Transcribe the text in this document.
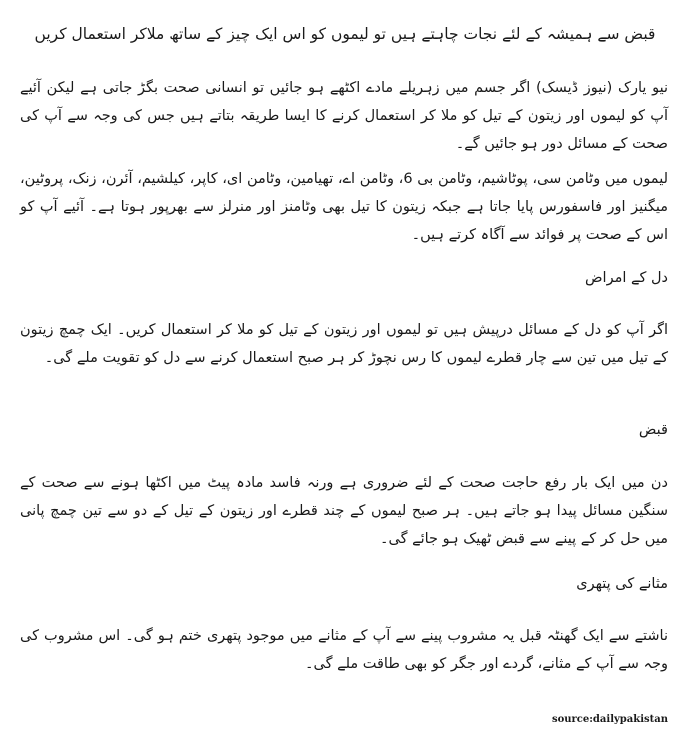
قبض سے ہمیشہ کے لئے نجات چاہتے ہیں تو لیموں کو اس ایک چیز کے ساتھ ملاکر استعمال کریں

نیو یارک (نیوز ڈیسک) اگر جسم میں زہریلے مادے اکٹھے ہو جائیں تو انسانی صحت بگڑ جاتی ہے لیکن آئیے آپ کو لیموں اور زیتون کے تیل کو ملا کر استعمال کرنے کا ایسا طریقہ بتاتے ہیں جس کی وجہ سے آپ کی صحت کے مسائل دور ہو جائیں گے۔

لیموں میں وٹامن سی، پوٹاشیم، وٹامن بی 6، وٹامن اے، تھیامین، وٹامن ای، کاپر، کیلشیم، آئرن، زنک، پروٹین، میگنیز اور فاسفورس پایا جاتا ہے جبکہ زیتون کا تیل بھی وٹامنز اور منرلز سے بھرپور ہوتا ہے۔ آئیے آپ کو اس کے صحت پر فوائد سے آگاہ کرتے ہیں۔

دل کے امراض

اگر آپ کو دل کے مسائل درپیش ہیں تو لیموں اور زیتون کے تیل کو ملا کر استعمال کریں۔ ایک چمچ زیتون کے تیل میں تین سے چار قطرے لیموں کا رس نچوڑ کر ہر صبح استعمال کرنے سے دل کو تقویت ملے گی۔

قبض

دن میں ایک بار رفع حاجت صحت کے لئے ضروری ہے ورنہ فاسد مادہ پیٹ میں اکٹھا ہونے سے صحت کے سنگین مسائل پیدا ہو جاتے ہیں۔ ہر صبح لیموں کے چند قطرے اور زیتون کے تیل کے دو سے تین چمچ پانی میں حل کر کے پینے سے قبض ٹھیک ہو جائے گی۔

مثانے کی پتھری

ناشتے سے ایک گھنٹہ قبل یہ مشروب پینے سے آپ کے مثانے میں موجود پتھری ختم ہو گی۔ اس مشروب کی وجہ سے آپ کے مثانے، گردے اور جگر کو بھی طاقت ملے گی۔

source:dailypakistan
